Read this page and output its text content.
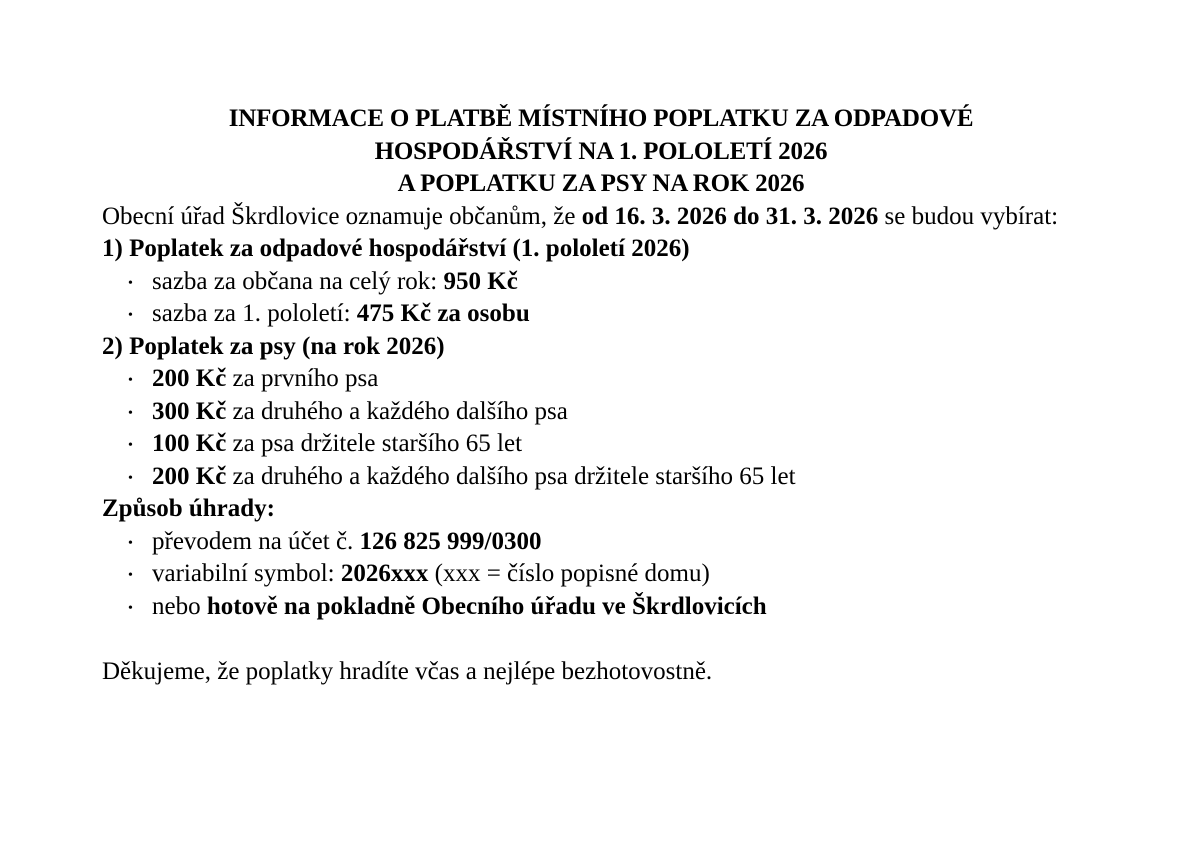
INFORMACE O PLATBĚ MÍSTNÍHO POPLATKU ZA ODPADOVÉ
HOSPODÁŘSTVÍ NA 1. POLOLETÍ 2026
A POPLATKU ZA PSY NA ROK 2026
Obecní úřad Škrdlovice oznamuje občanům, že od 16. 3. 2026 do 31. 3. 2026 se budou vybírat:
1) Poplatek za odpadové hospodářství (1. pololetí 2026)
• sazba za občana na celý rok: 950 Kč
• sazba za 1. pololetí: 475 Kč za osobu
2) Poplatek za psy (na rok 2026)
• 200 Kč za prvního psa
• 300 Kč za druhého a každého dalšího psa
• 100 Kč za psa držitele staršího 65 let
• 200 Kč za druhého a každého dalšího psa držitele staršího 65 let
Způsob úhrady:
• převodem na účet č. 126 825 999/0300
• variabilní symbol: 2026xxx (xxx = číslo popisné domu)
• nebo hotově na pokladně Obecního úřadu ve Škrdlovicích
Děkujeme, že poplatky hradíte včas a nejlépe bezhotovostně.
